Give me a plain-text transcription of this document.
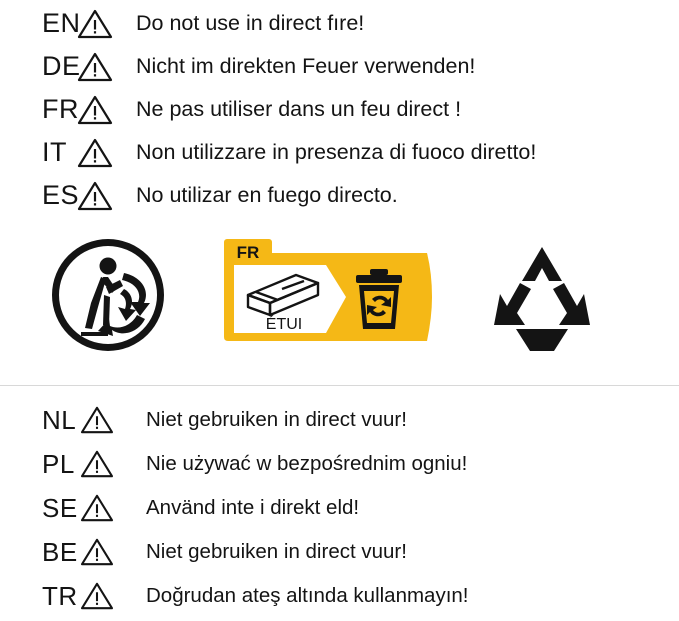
EN	Do not use in direct fıre!
DE	Nicht im direkten Feuer verwenden!
FR	Ne pas utiliser dans un feu direct !
IT	Non utilizzare in presenza di fuoco diretto!
ES	No utilizar en fuego directo.
FR
ÉTUI
NL	Niet gebruiken in direct vuur!
PL	Nie używać w bezpośrednim ogniu!
SE	Använd inte i direkt eld!
BE	Niet gebruiken in direct vuur!
TR	Doğrudan ateş altında kullanmayın!
